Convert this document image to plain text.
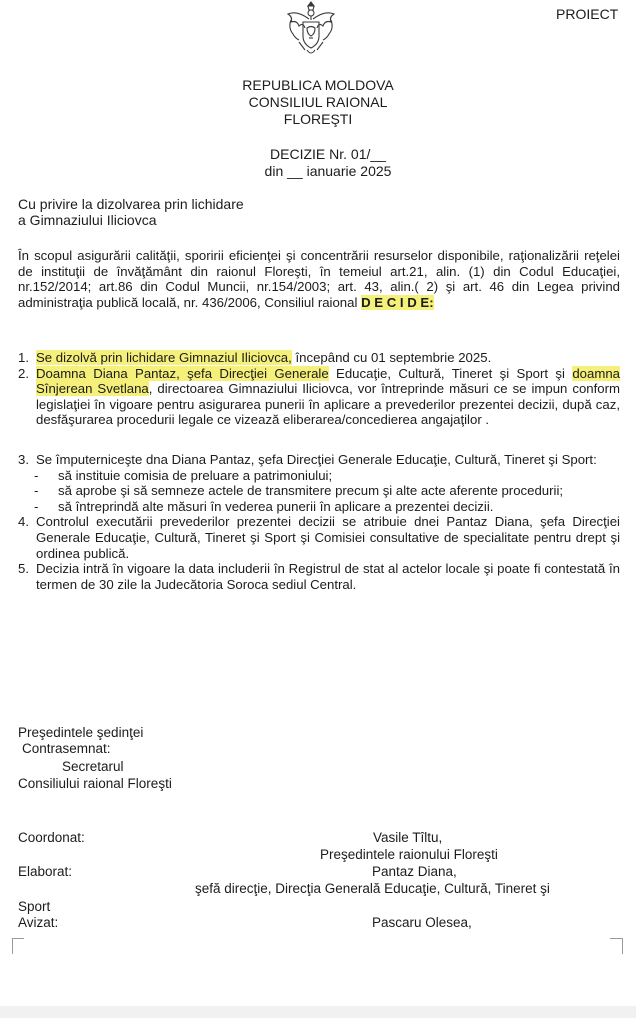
PROIECT
REPUBLICA MOLDOVA
CONSILIUL RAIONAL
FLOREŞTI
DECIZIE Nr. 01/__
din __ ianuarie 2025
Cu privire la dizolvarea prin lichidare
a Gimnaziului Iliciovca

În scopul asigurării calităţii, sporirii eficienţei şi concentrării resurselor disponibile, raţionalizării reţelei de instituţii de învăţământ din raionul Floreşti, în temeiul art.21, alin. (1) din Codul Educaţiei, nr.152/2014; art.86 din Codul Muncii, nr.154/2003; art. 43, alin.( 2) şi art. 46 din Legea privind administraţia publică locală, nr. 436/2006, Consiliul raional D E C I D E:

1. Se dizolvă prin lichidare Gimnaziul Iliciovca, începând cu 01 septembrie 2025.
2. Doamna Diana Pantaz, şefa Direcţiei Generale Educaţie, Cultură, Tineret şi Sport şi doamna Sînjerean Svetlana, directoarea Gimnaziului Iliciovca, vor întreprinde măsuri ce se impun conform legislaţiei în vigoare pentru asigurarea punerii în aplicare a prevederilor prezentei decizii, după caz, desfăşurarea procedurii legale ce vizează eliberarea/concedierea angajaţilor .
3. Se împuterniceşte dna Diana Pantaz, şefa Direcţiei Generale Educaţie, Cultură, Tineret şi Sport:
- să instituie comisia de preluare a patrimoniului;
- să aprobe şi să semneze actele de transmitere precum şi alte acte aferente procedurii;
- să întreprindă alte măsuri în vederea punerii în aplicare a prezentei decizii.
4. Controlul executării prevederilor prezentei decizii se atribuie dnei Pantaz Diana, şefa Direcţiei Generale Educaţie, Cultură, Tineret şi Sport şi Comisiei consultative de specialitate pentru drept şi ordinea publică.
5. Decizia intră în vigoare la data includerii în Registrul de stat al actelor locale şi poate fi contestată în termen de 30 zile la Judecătoria Soroca sediul Central.
Preşedintele şedinţei
Contrasemnat:
Secretarul
Consiliului raional Floreşti
Coordonat:	Vasile Tîltu,
Preşedintele raionului Floreşti
Elaborat:	Pantaz Diana,
şefă direcţie, Direcţia Generală Educaţie, Cultură, Tineret şi
Sport
Avizat:	Pascaru Olesea,
